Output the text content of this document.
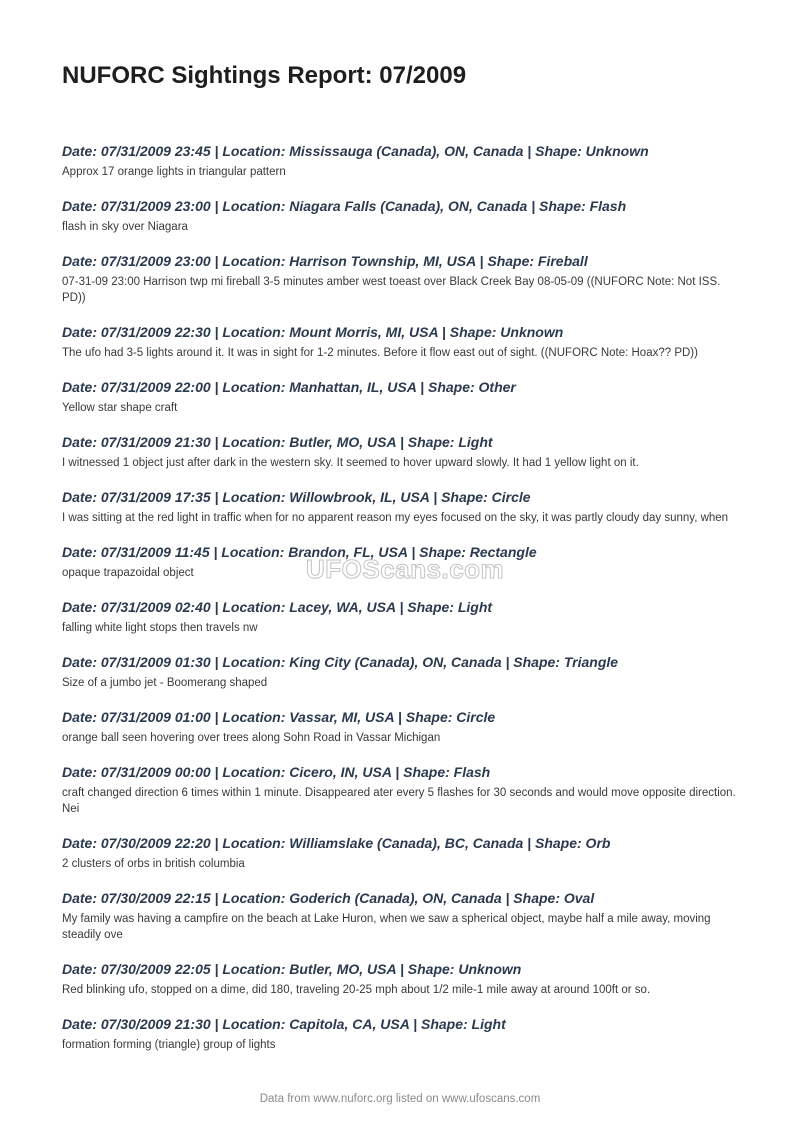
NUFORC Sightings Report: 07/2009
Date: 07/31/2009 23:45 | Location: Mississauga (Canada), ON, Canada | Shape: Unknown
Approx 17 orange lights in triangular pattern
Date: 07/31/2009 23:00 | Location: Niagara Falls (Canada), ON, Canada | Shape: Flash
flash in sky over Niagara
Date: 07/31/2009 23:00 | Location: Harrison Township, MI, USA | Shape: Fireball
07-31-09 23:00 Harrison twp mi fireball 3-5 minutes amber west toeast over Black Creek Bay 08-05-09 ((NUFORC Note: Not ISS. PD))
Date: 07/31/2009 22:30 | Location: Mount Morris, MI, USA | Shape: Unknown
The ufo had 3-5 lights around it. It was in sight for 1-2 minutes. Before it flow east out of sight. ((NUFORC Note: Hoax?? PD))
Date: 07/31/2009 22:00 | Location: Manhattan, IL, USA | Shape: Other
Yellow star shape craft
Date: 07/31/2009 21:30 | Location: Butler, MO, USA | Shape: Light
I witnessed 1 object just after dark in the western sky. It seemed to hover upward slowly. It had 1 yellow light on it.
Date: 07/31/2009 17:35 | Location: Willowbrook, IL, USA | Shape: Circle
I was sitting at the red light in traffic when for no apparent reason my eyes focused on the sky, it was partly cloudy day sunny, when
Date: 07/31/2009 11:45 | Location: Brandon, FL, USA | Shape: Rectangle
opaque trapazoidal object
Date: 07/31/2009 02:40 | Location: Lacey, WA, USA | Shape: Light
falling white light stops then travels nw
Date: 07/31/2009 01:30 | Location: King City (Canada), ON, Canada | Shape: Triangle
Size of a jumbo jet - Boomerang shaped
Date: 07/31/2009 01:00 | Location: Vassar, MI, USA | Shape: Circle
orange ball seen hovering over trees along Sohn Road in Vassar Michigan
Date: 07/31/2009 00:00 | Location: Cicero, IN, USA | Shape: Flash
craft changed direction 6 times within 1 minute. Disappeared ater every 5 flashes for 30 seconds and would move opposite direction. Nei
Date: 07/30/2009 22:20 | Location: Williamslake (Canada), BC, Canada | Shape: Orb
2 clusters of orbs in british columbia
Date: 07/30/2009 22:15 | Location: Goderich (Canada), ON, Canada | Shape: Oval
My family was having a campfire on the beach at Lake Huron, when we saw a spherical object, maybe half a mile away, moving steadily ove
Date: 07/30/2009 22:05 | Location: Butler, MO, USA | Shape: Unknown
Red blinking ufo, stopped on a dime, did 180, traveling 20-25 mph about 1/2 mile-1 mile away at around 100ft or so.
Date: 07/30/2009 21:30 | Location: Capitola, CA, USA | Shape: Light
formation forming (triangle) group of lights
UFOScans.com
Data from www.nuforc.org listed on www.ufoscans.com
